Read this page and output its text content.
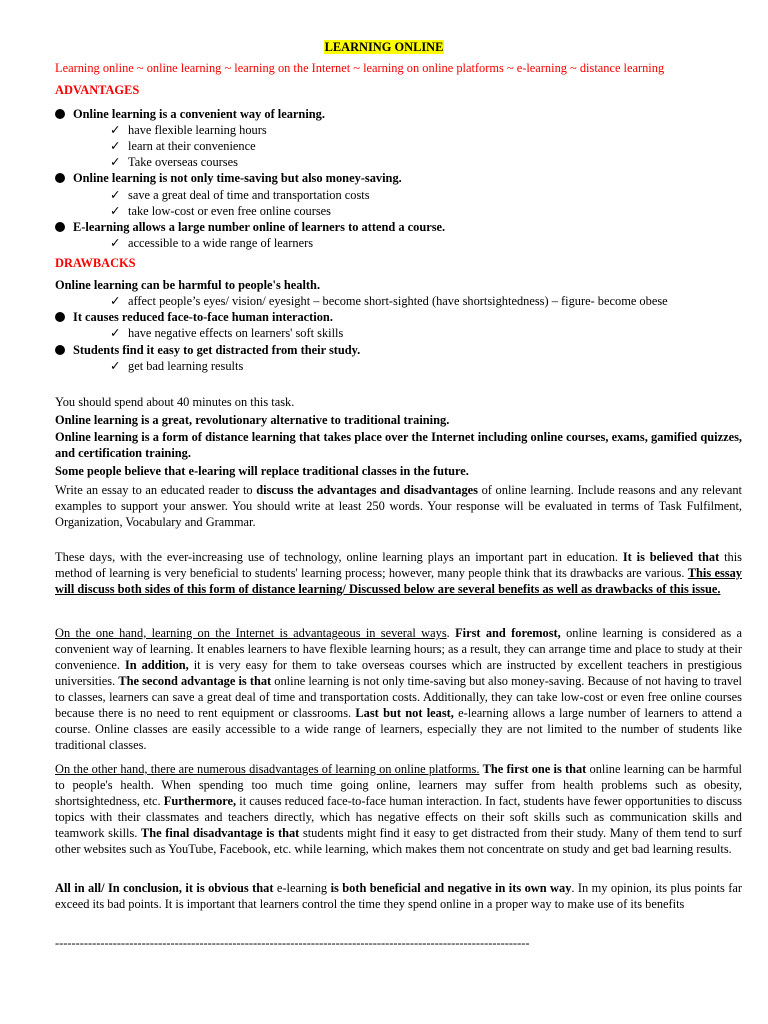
LEARNING ONLINE
Learning online ~ online learning ~ learning on the Internet ~ learning on online platforms ~ e-learning ~ distance learning
ADVANTAGES
Online learning is a convenient way of learning.
✓ have flexible learning hours
✓ learn at their convenience
✓ Take overseas courses
Online learning is not only time-saving but also money-saving.
✓ save a great deal of time and transportation costs
✓ take low-cost or even free online courses
E-learning allows a large number online of learners to attend a course.
✓ accessible to a wide range of learners
DRAWBACKS
Online learning can be harmful to people's health.
✓ affect people’s eyes/ vision/ eyesight – become short-sighted (have shortsightedness) – figure- become obese
It causes reduced face-to-face human interaction.
✓ have negative effects on learners' soft skills
Students find it easy to get distracted from their study.
✓ get bad learning results
You should spend about 40 minutes on this task.
Online learning is a great, revolutionary alternative to traditional training.
Online learning is a form of distance learning that takes place over the Internet including online courses, exams, gamified quizzes, and certification training.
Some people believe that e-learing will replace traditional classes in the future.
Write an essay to an educated reader to discuss the advantages and disadvantages of online learning. Include reasons and any relevant examples to support your answer. You should write at least 250 words. Your response will be evaluated in terms of Task Fulfilment, Organization, Vocabulary and Grammar.

These days, with the ever-increasing use of technology, online learning plays an important part in education. It is believed that this method of learning is very beneficial to students' learning process; however, many people think that its drawbacks are various. This essay will discuss both sides of this form of distance learning/ Discussed below are several benefits as well as drawbacks of this issue.

On the one hand, learning on the Internet is advantageous in several ways. First and foremost, online learning is considered as a convenient way of learning. It enables learners to have flexible learning hours; as a result, they can arrange time and place to study at their convenience. In addition, it is very easy for them to take overseas courses which are instructed by excellent teachers in prestigious universities. The second advantage is that online learning is not only time-saving but also money-saving. Because of not having to travel to classes, learners can save a great deal of time and transportation costs. Additionally, they can take low-cost or even free online courses because there is no need to rent equipment or classrooms. Last but not least, e-learning allows a large number of learners to attend a course. Online classes are easily accessible to a wide range of learners, especially they are not limited to the number of students like traditional classes.

On the other hand, there are numerous disadvantages of learning on online platforms. The first one is that online learning can be harmful to people's health. When spending too much time going online, learners may suffer from health problems such as obesity, shortsightedness, etc. Furthermore, it causes reduced face-to-face human interaction. In fact, students have fewer opportunities to discuss topics with their classmates and teachers directly, which has negative effects on their soft skills such as communication skills and teamwork skills. The final disadvantage is that students might find it easy to get distracted from their study. Many of them tend to surf other websites such as YouTube, Facebook, etc. while learning, which makes them not concentrate on study and get bad learning results.

All in all/ In conclusion, it is obvious that e-learning is both beneficial and negative in its own way. In my opinion, its plus points far exceed its bad points. It is important that learners control the time they spend online in a proper way to make use of its benefits

-------------------------------------------------------------------------------------------------------------------
